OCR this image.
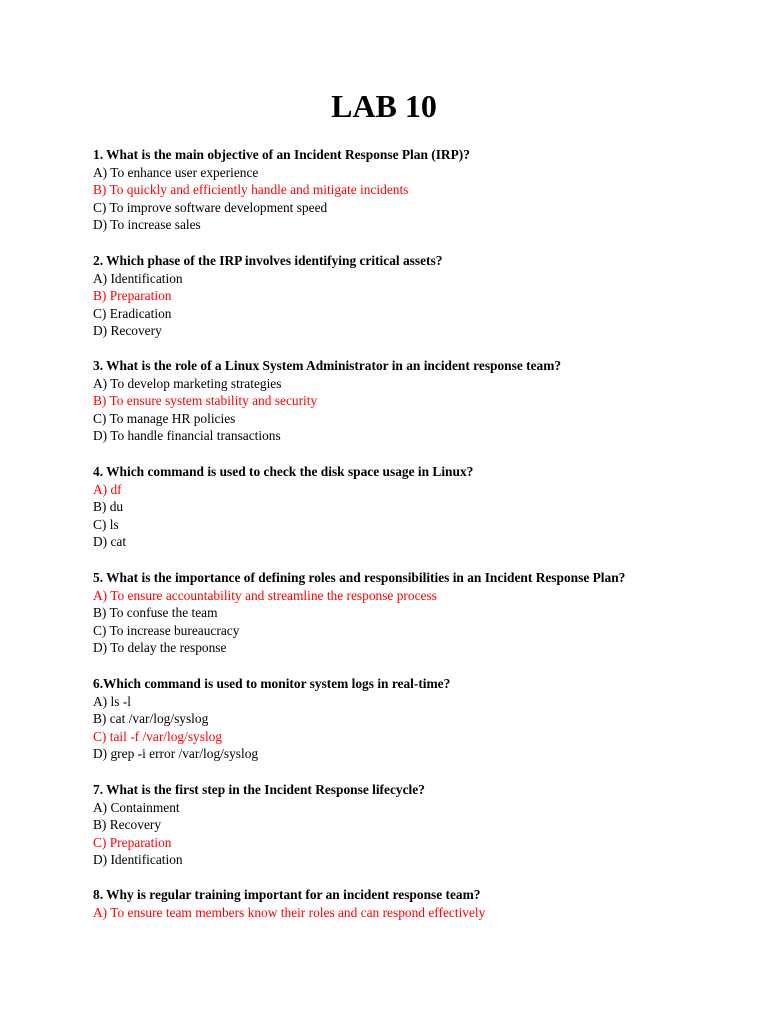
LAB 10
1. What is the main objective of an Incident Response Plan (IRP)?
A) To enhance user experience
B) To quickly and efficiently handle and mitigate incidents
C) To improve software development speed
D) To increase sales
2. Which phase of the IRP involves identifying critical assets?
A) Identification
B) Preparation
C) Eradication
D) Recovery
3. What is the role of a Linux System Administrator in an incident response team?
A) To develop marketing strategies
B) To ensure system stability and security
C) To manage HR policies
D) To handle financial transactions
4. Which command is used to check the disk space usage in Linux?
A) df
B) du
C) ls
D) cat
5. What is the importance of defining roles and responsibilities in an Incident Response Plan?
A) To ensure accountability and streamline the response process
B) To confuse the team
C) To increase bureaucracy
D) To delay the response
6.Which command is used to monitor system logs in real-time?
A) ls -l
B) cat /var/log/syslog
C) tail -f /var/log/syslog
D) grep -i error /var/log/syslog
7. What is the first step in the Incident Response lifecycle?
A) Containment
B) Recovery
C) Preparation
D) Identification
8. Why is regular training important for an incident response team?
A) To ensure team members know their roles and can respond effectively
